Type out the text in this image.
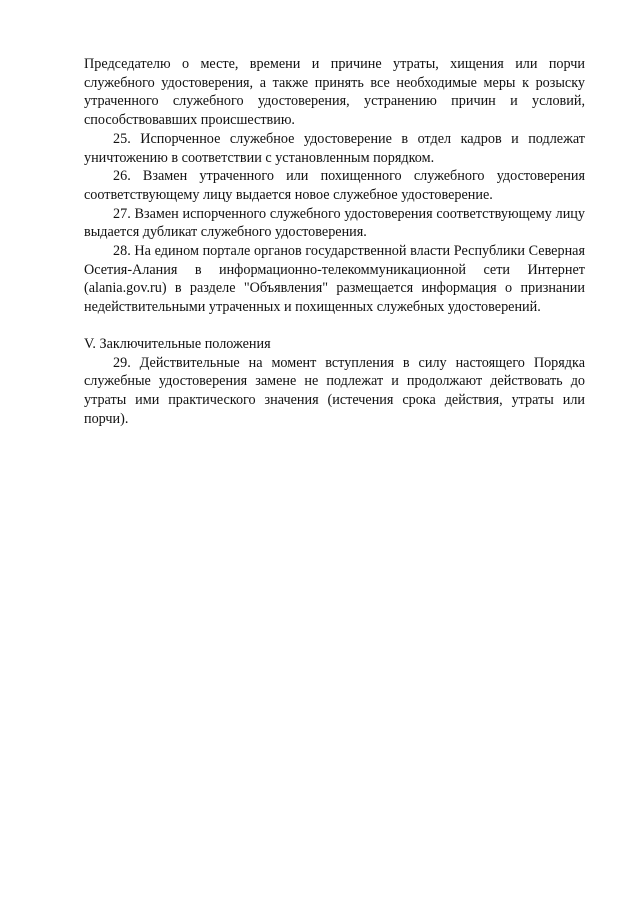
Председателю о месте, времени и причине утраты, хищения или порчи служебного удостоверения, а также принять все необходимые меры к розыску утраченного служебного удостоверения, устранению причин и условий, способствовавших происшествию.

25. Испорченное служебное удостоверение в отдел кадров и подлежат уничтожению в соответствии с установленным порядком.

26. Взамен утраченного или похищенного служебного удостоверения соответствующему лицу выдается новое служебное удостоверение.

27. Взамен испорченного служебного удостоверения соответствующему лицу выдается дубликат служебного удостоверения.

28. На едином портале органов государственной власти Республики Северная Осетия-Алания в информационно-телекоммуникационной сети Интернет (alania.gov.ru) в разделе "Объявления" размещается информация о признании недействительными утраченных и похищенных служебных удостоверений.

V. Заключительные положения

29. Действительные на момент вступления в силу настоящего Порядка служебные удостоверения замене не подлежат и продолжают действовать до утраты ими практического значения (истечения срока действия, утраты или порчи).
